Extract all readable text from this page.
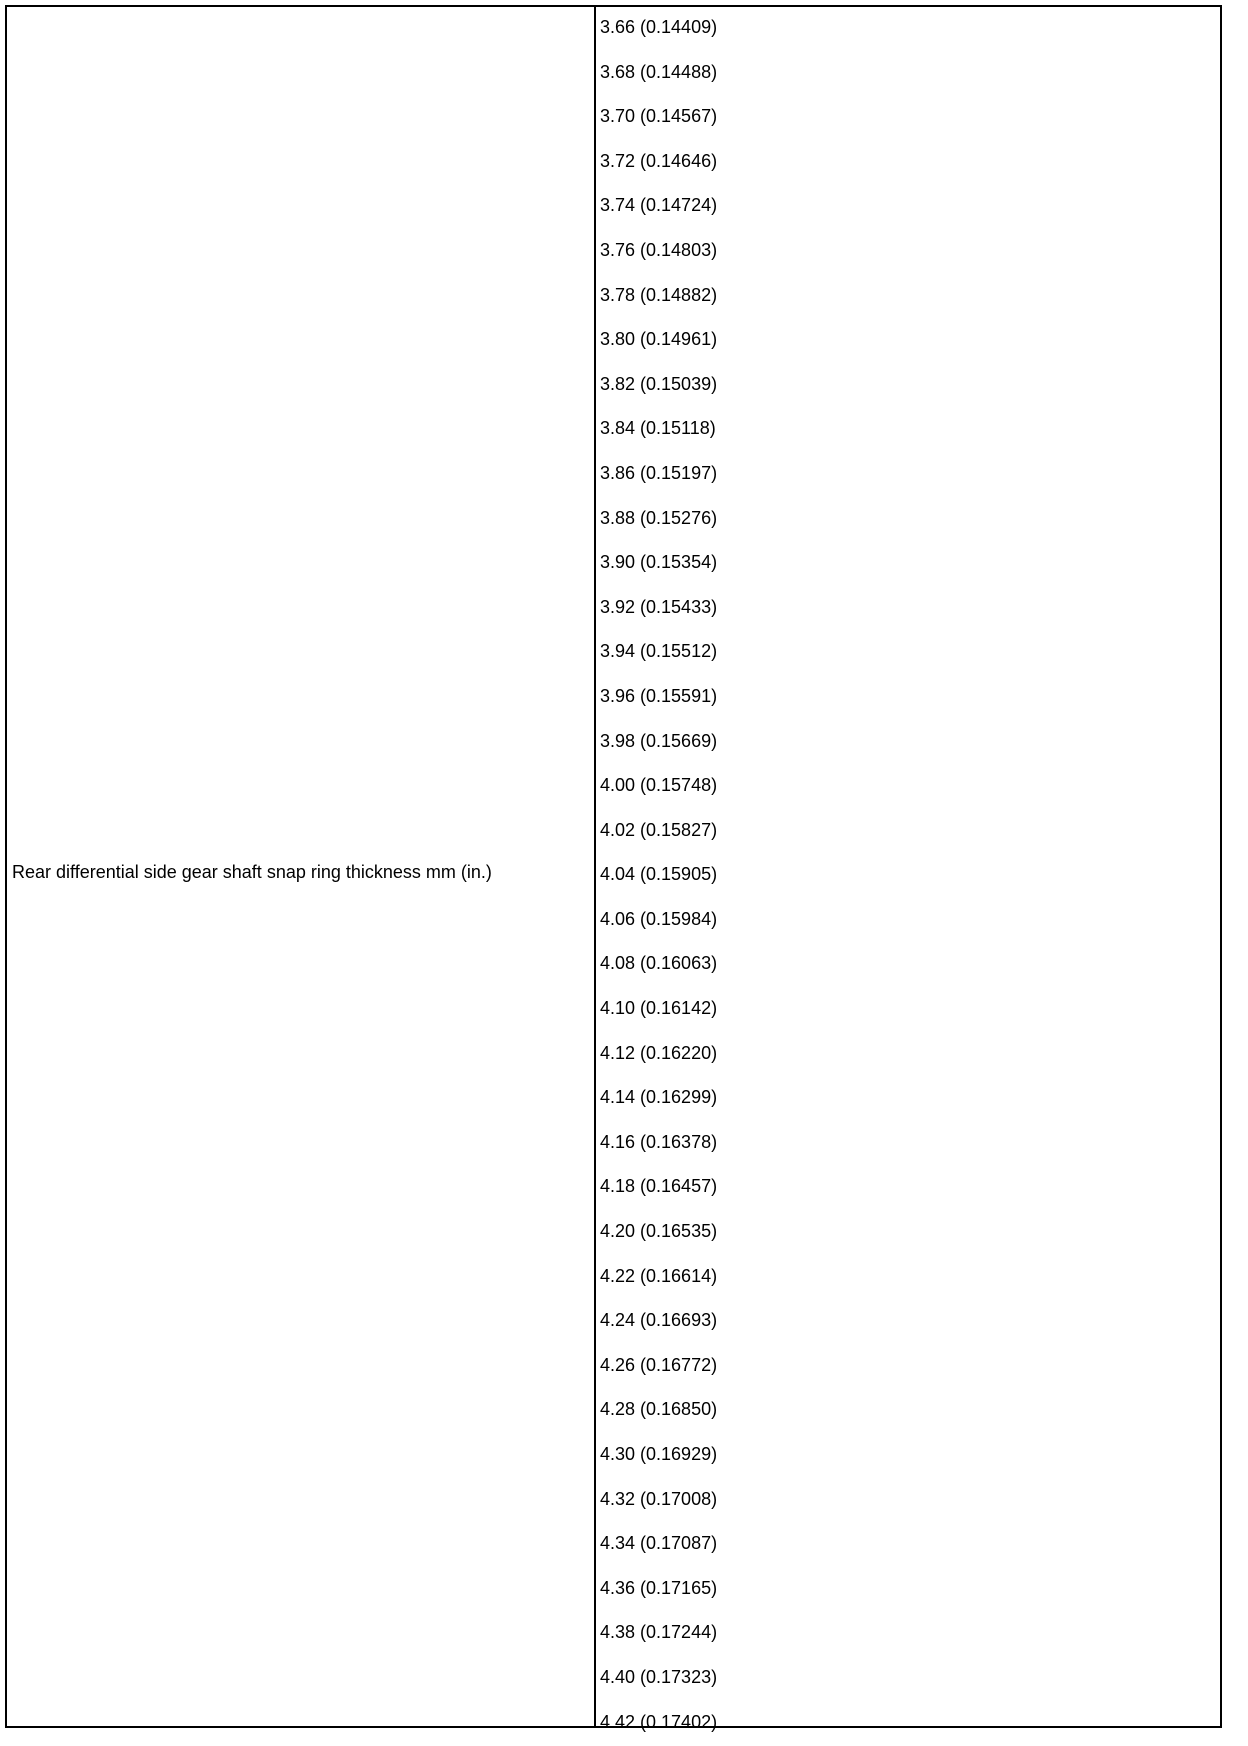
Rear differential side gear shaft snap ring thickness mm (in.)
3.66 (0.14409)
3.68 (0.14488)
3.70 (0.14567)
3.72 (0.14646)
3.74 (0.14724)
3.76 (0.14803)
3.78 (0.14882)
3.80 (0.14961)
3.82 (0.15039)
3.84 (0.15118)
3.86 (0.15197)
3.88 (0.15276)
3.90 (0.15354)
3.92 (0.15433)
3.94 (0.15512)
3.96 (0.15591)
3.98 (0.15669)
4.00 (0.15748)
4.02 (0.15827)
4.04 (0.15905)
4.06 (0.15984)
4.08 (0.16063)
4.10 (0.16142)
4.12 (0.16220)
4.14 (0.16299)
4.16 (0.16378)
4.18 (0.16457)
4.20 (0.16535)
4.22 (0.16614)
4.24 (0.16693)
4.26 (0.16772)
4.28 (0.16850)
4.30 (0.16929)
4.32 (0.17008)
4.34 (0.17087)
4.36 (0.17165)
4.38 (0.17244)
4.40 (0.17323)
4.42 (0.17402)
